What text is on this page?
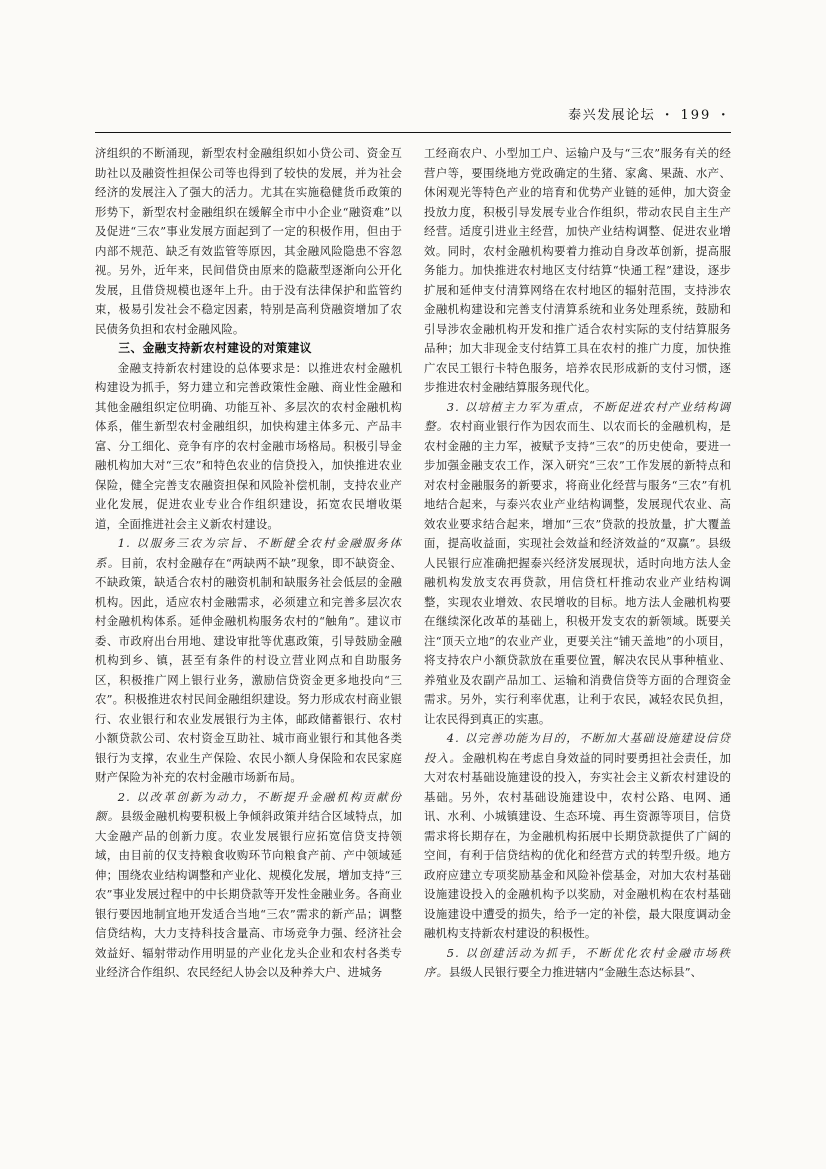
泰兴发展论坛 · 199 ·

济组织的不断涌现，新型农村金融组织如小贷公司、资金互助社以及融资性担保公司等也得到了较快的发展，并为社会经济的发展注入了强大的活力。尤其在实施稳健货币政策的形势下，新型农村金融组织在缓解全市中小企业“融资难”以及促进“三农”事业发展方面起到了一定的积极作用，但由于内部不规范、缺乏有效监管等原因，其金融风险隐患不容忽视。另外，近年来，民间借贷由原来的隐蔽型逐渐向公开化发展，且借贷规模也逐年上升。由于没有法律保护和监管约束，极易引发社会不稳定因素，特别是高利贷融资增加了农民债务负担和农村金融风险。

三、金融支持新农村建设的对策建议

金融支持新农村建设的总体要求是：以推进农村金融机构建设为抓手，努力建立和完善政策性金融、商业性金融和其他金融组织定位明确、功能互补、多层次的农村金融机构体系，催生新型农村金融组织，加快构建主体多元、产品丰富、分工细化、竞争有序的农村金融市场格局。积极引导金融机构加大对“三农”和特色农业的信贷投入，加快推进农业保险，健全完善支农融资担保和风险补偿机制，支持农业产业化发展，促进农业专业合作组织建设，拓宽农民增收渠道，全面推进社会主义新农村建设。

1. 以服务三农为宗旨、不断健全农村金融服务体系。目前，农村金融存在“两缺两不缺”现象，即不缺资金、不缺政策，缺适合农村的融资机制和缺服务社会低层的金融机构。因此，适应农村金融需求，必须建立和完善多层次农村金融机构体系。延伸金融机构服务农村的“触角”。建议市委、市政府出台用地、建设审批等优惠政策，引导鼓励金融机构到乡、镇，甚至有条件的村设立营业网点和自助服务区，积极推广网上银行业务，激励信贷资金更多地投向“三农”。积极推进农村民间金融组织建设。努力形成农村商业银行、农业银行和农业发展银行为主体，邮政储蓄银行、农村小额贷款公司、农村资金互助社、城市商业银行和其他各类银行为支撑，农业生产保险、农民小额人身保险和农民家庭财产保险为补充的农村金融市场新布局。

2. 以改革创新为动力，不断提升金融机构贡献份额。县级金融机构要积极上争倾斜政策并结合区域特点，加大金融产品的创新力度。农业发展银行应拓宽信贷支持领域，由目前的仅支持粮食收购环节向粮食产前、产中领域延伸；围绕农业结构调整和产业化、规模化发展，增加支持“三农”事业发展过程中的中长期贷款等开发性金融业务。各商业银行要因地制宜地开发适合当地“三农”需求的新产品；调整信贷结构，大力支持科技含量高、市场竞争力强、经济社会效益好、辐射带动作用明显的产业化龙头企业和农村各类专业经济合作组织、农民经纪人协会以及种养大户、进城务

工经商农户、小型加工户、运输户及与“三农”服务有关的经营户等，要围绕地方党政确定的生猪、家禽、果蔬、水产、休闲观光等特色产业的培育和优势产业链的延伸，加大资金投放力度，积极引导发展专业合作组织，带动农民自主生产经营。适度引进业主经营，加快产业结构调整、促进农业增效。同时，农村金融机构要着力推动自身改革创新，提高服务能力。加快推进农村地区支付结算“快通工程”建设，逐步扩展和延伸支付清算网络在农村地区的辐射范围，支持涉农金融机构建设和完善支付清算系统和业务处理系统，鼓励和引导涉农金融机构开发和推广适合农村实际的支付结算服务品种；加大非现金支付结算工具在农村的推广力度，加快推广农民工银行卡特色服务，培养农民形成新的支付习惯，逐步推进农村金融结算服务现代化。

3. 以培植主力军为重点，不断促进农村产业结构调整。农村商业银行作为因农而生、以农而长的金融机构，是农村金融的主力军，被赋予支持“三农”的历史使命，要进一步加强金融支农工作，深入研究“三农”工作发展的新特点和对农村金融服务的新要求，将商业化经营与服务“三农”有机地结合起来，与泰兴农业产业结构调整，发展现代农业、高效农业要求结合起来，增加“三农”贷款的投放量，扩大覆盖面，提高收益面，实现社会效益和经济效益的“双赢”。县级人民银行应准确把握泰兴经济发展现状，适时向地方法人金融机构发放支农再贷款，用信贷杠杆推动农业产业结构调整，实现农业增效、农民增收的目标。地方法人金融机构要在继续深化改革的基础上，积极开发支农的新领域。既要关注“顶天立地”的农业产业，更要关注“铺天盖地”的小项目，将支持农户小额贷款放在重要位置，解决农民从事种植业、养殖业及农副产品加工、运输和消费信贷等方面的合理资金需求。另外，实行利率优惠，让利于农民，减轻农民负担，让农民得到真正的实惠。

4. 以完善功能为目的，不断加大基础设施建设信贷投入。金融机构在考虑自身效益的同时要勇担社会责任，加大对农村基础设施建设的投入，夯实社会主义新农村建设的基础。另外，农村基础设施建设中，农村公路、电网、通讯、水利、小城镇建设、生态环境、再生资源等项目，信贷需求将长期存在，为金融机构拓展中长期贷款提供了广阔的空间，有利于信贷结构的优化和经营方式的转型升级。地方政府应建立专项奖励基金和风险补偿基金，对加大农村基础设施建设投入的金融机构予以奖励，对金融机构在农村基础设施建设中遭受的损失，给予一定的补偿，最大限度调动金融机构支持新农村建设的积极性。

5. 以创建活动为抓手，不断优化农村金融市场秩序。县级人民银行要全力推进辖内“金融生态达标县”、
